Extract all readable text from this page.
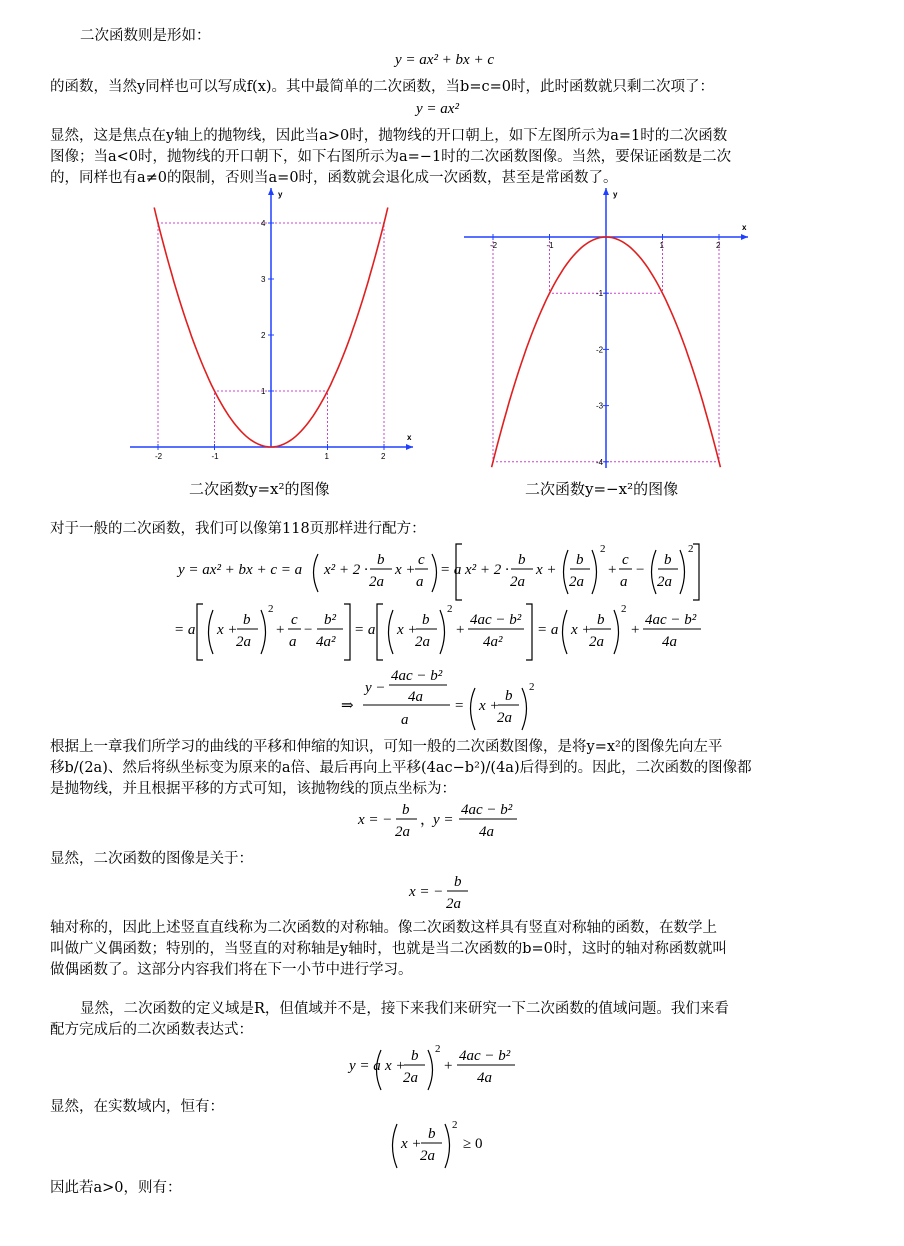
二次函数则是形如：
y = ax² + bx + c
的函数，当然y同样也可以写成f(x)。其中最简单的二次函数，当b=c=0时，此时函数就只剩二次项了：
y = ax²
显然，这是焦点在y轴上的抛物线，因此当a>0时，抛物线的开口朝上，如下左图所示为a=1时的二次函数
图像；当a<0时，抛物线的开口朝下，如下右图所示为a=−1时的二次函数图像。当然，要保证函数是二次
的，同样也有a≠0的限制，否则当a=0时，函数就会退化成一次函数，甚至是常函数了。
-2	-1	1	2
1
2
3
4
x
y
-2	-1	1	2
-1
-2
-3
-4
x
y
二次函数y=x²的图像	二次函数y=−x²的图像
对于一般的二次函数，我们可以像第118页那样进行配方：
y = ax² + bx + c = a x² + 2 ·
b
2a
x +
c
a
= a x² + 2 ·
b
2a
x +
b
2a
2
+
c
a
−
b
2a
2
= a x +
b
2a
2
+
c
a
−
b²
4a²
= a x +
b
2a
2
+
4ac − b²
4a²
= a x +
b
2a
2
+
4ac − b²
4a
⇒
y −
4ac − b²
4a
a
= x +
b
2a
2
根据上一章我们所学习的曲线的平移和伸缩的知识，可知一般的二次函数图像，是将y=x²的图像先向左平
移b/(2a)、然后将纵坐标变为原来的a倍、最后再向上平移(4ac−b²)/(4a)后得到的。因此，二次函数的图像都
是抛物线，并且根据平移的方式可知，该抛物线的顶点坐标为：
x = −
b
2a
，
y =
4ac − b²
4a
显然，二次函数的图像是关于：
x = −
b
2a
轴对称的，因此上述竖直直线称为二次函数的对称轴。像二次函数这样具有竖直对称轴的函数，在数学上
叫做广义偶函数；特别的，当竖直的对称轴是y轴时，也就是当二次函数的b=0时，这时的轴对称函数就叫
做偶函数了。这部分内容我们将在下一小节中进行学习。
显然，二次函数的定义域是R，但值域并不是，接下来我们来研究一下二次函数的值域问题。我们来看
配方完成后的二次函数表达式：
y = a x +
b
2a
2
+
4ac − b²
4a
显然，在实数域内，恒有：
x +
b
2a
2
≥ 0
因此若a>0，则有：
